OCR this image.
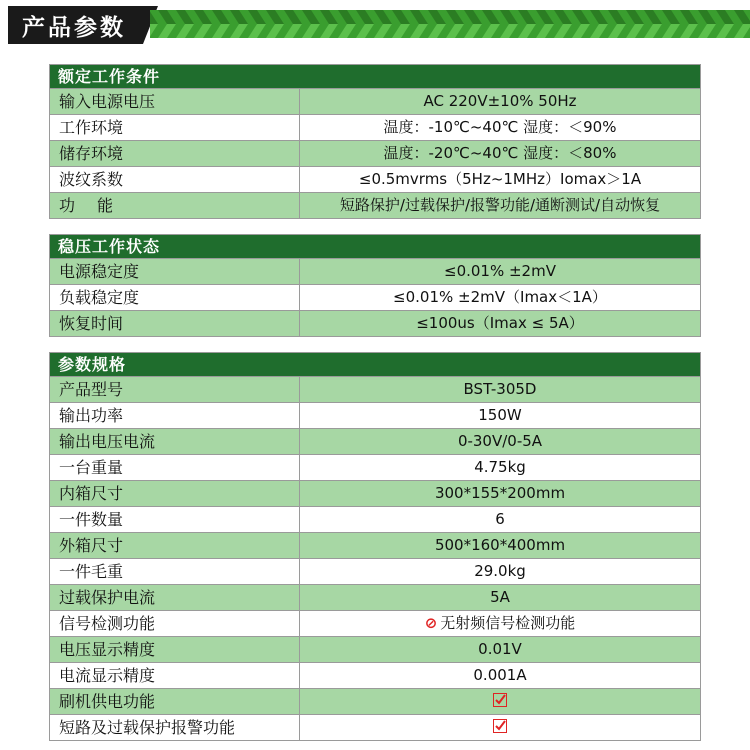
产品参数
额定工作条件
输入电源电压	AC 220V±10% 50Hz
工作环境	温度：-10℃~40℃ 湿度：＜90%
储存环境	温度：-20℃~40℃ 湿度：＜80%
波纹系数	≤0.5mvrms（5Hz~1MHz）Iomax＞1A
功能	短路保护/过载保护/报警功能/通断测试/自动恢复
稳压工作状态
电源稳定度	≤0.01% ±2mV
负载稳定度	≤0.01% ±2mV（Imax＜1A）
恢复时间	≤100us（Imax ≤ 5A）
参数规格
产品型号	BST-305D
输出功率	150W
输出电压电流	0-30V/0-5A
一台重量	4.75kg
内箱尺寸	300*155*200mm
一件数量	6
外箱尺寸	500*160*400mm
一件毛重	29.0kg
过载保护电流	5A
信号检测功能	⊘ 无射频信号检测功能
电压显示精度	0.01V
电流显示精度	0.001A
刷机供电功能
短路及过载保护报警功能
